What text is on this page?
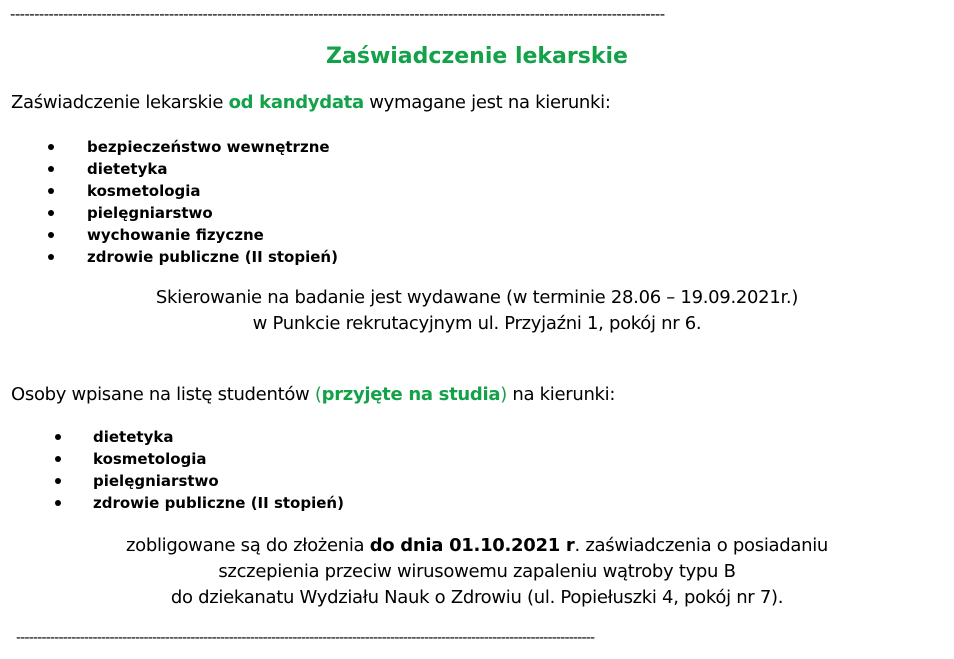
----------------------------------------------------------------------------------------------------------------------------------------
Zaświadczenie lekarskie
Zaświadczenie lekarskie od kandydata wymagane jest na kierunki:
bezpieczeństwo wewnętrzne
dietetyka
kosmetologia
pielęgniarstwo
wychowanie fizyczne
zdrowie publiczne (II stopień)
Skierowanie na badanie jest wydawane (w terminie 28.06 – 19.09.2021r.)
w Punkcie rekrutacyjnym ul. Przyjaźni 1, pokój nr 6.
Osoby wpisane na listę studentów (przyjęte na studia) na kierunki:
dietetyka
kosmetologia
pielęgniarstwo
zdrowie publiczne (II stopień)
zobligowane są do złożenia do dnia 01.10.2021 r. zaświadczenia o posiadaniu
szczepienia przeciw wirusowemu zapaleniu wątroby typu B
do dziekanatu Wydziału Nauk o Zdrowiu (ul. Popiełuszki 4, pokój nr 7).
----------------------------------------------------------------------------------------------------------------------------------------
